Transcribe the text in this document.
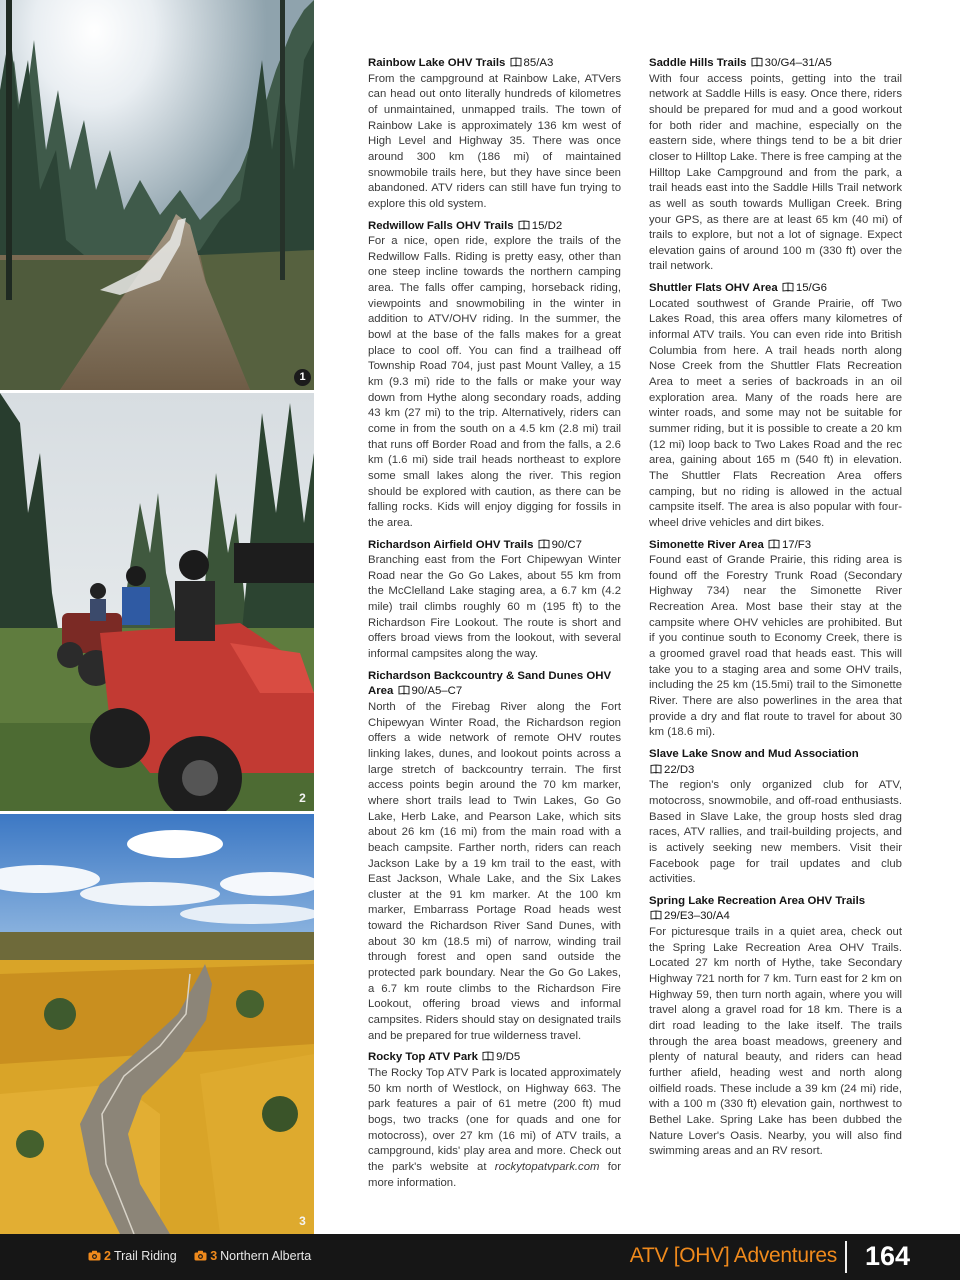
1
2
3
Rainbow Lake OHV Trails 85/A3

From the campground at Rainbow Lake, ATVers can head out onto literally hundreds of kilometres of unmaintained, unmapped trails. The town of Rainbow Lake is approximately 136 km west of High Level and Highway 35. There was once around 300 km (186 mi) of maintained snowmobile trails here, but they have since been abandoned. ATV riders can still have fun trying to explore this old system.

Redwillow Falls OHV Trails 15/D2

For a nice, open ride, explore the trails of the Redwillow Falls. Riding is pretty easy, other than one steep incline towards the northern camping area. The falls offer camping, horseback riding, viewpoints and snowmobiling in the winter in addition to ATV/OHV riding. In the summer, the bowl at the base of the falls makes for a great place to cool off. You can find a trailhead off Township Road 704, just past Mount Valley, a 15 km (9.3 mi) ride to the falls or make your way down from Hythe along secondary roads, adding 43 km (27 mi) to the trip. Alternatively, riders can come in from the south on a 4.5 km (2.8 mi) trail that runs off Border Road and from the falls, a 2.6 km (1.6 mi) side trail heads northeast to explore some small lakes along the river. This region should be explored with caution, as there can be falling rocks. Kids will enjoy digging for fossils in the area.

Richardson Airfield OHV Trails 90/C7

Branching east from the Fort Chipewyan Winter Road near the Go Go Lakes, about 55 km from the McClelland Lake staging area, a 6.7 km (4.2 mile) trail climbs roughly 60 m (195 ft) to the Richardson Fire Lookout. The route is short and offers broad views from the lookout, with several informal campsites along the way.

Richardson Backcountry & Sand Dunes OHV Area 90/A5–C7

North of the Firebag River along the Fort Chipewyan Winter Road, the Richardson region offers a wide network of remote OHV routes linking lakes, dunes, and lookout points across a large stretch of backcountry terrain. The first access points begin around the 70 km marker, where short trails lead to Twin Lakes, Go Go Lake, Herb Lake, and Pearson Lake, which sits about 26 km (16 mi) from the main road with a beach campsite. Farther north, riders can reach Jackson Lake by a 19 km trail to the east, with East Jackson, Whale Lake, and the Six Lakes cluster at the 91 km marker. At the 100 km marker, Embarrass Portage Road heads west toward the Richardson River Sand Dunes, with about 30 km (18.5 mi) of narrow, winding trail through forest and open sand outside the protected park boundary. Near the Go Go Lakes, a 6.7 km route climbs to the Richardson Fire Lookout, offering broad views and informal campsites. Riders should stay on designated trails and be prepared for true wilderness travel.

Rocky Top ATV Park 9/D5

The Rocky Top ATV Park is located approximately 50 km north of Westlock, on Highway 663. The park features a pair of 61 metre (200 ft) mud bogs, two tracks (one for quads and one for motocross), over 27 km (16 mi) of ATV trails, a campground, kids' play area and more. Check out the park's website at rockytopatvpark.com for more information.

Saddle Hills Trails 30/G4–31/A5

With four access points, getting into the trail network at Saddle Hills is easy. Once there, riders should be prepared for mud and a good workout for both rider and machine, especially on the eastern side, where things tend to be a bit drier closer to Hilltop Lake. There is free camping at the Hilltop Lake Campground and from the park, a trail heads east into the Saddle Hills Trail network as well as south towards Mulligan Creek. Bring your GPS, as there are at least 65 km (40 mi) of trails to explore, but not a lot of signage. Expect elevation gains of around 100 m (330 ft) over the trail network.

Shuttler Flats OHV Area 15/G6

Located southwest of Grande Prairie, off Two Lakes Road, this area offers many kilometres of informal ATV trails. You can even ride into British Columbia from here. A trail heads north along Nose Creek from the Shuttler Flats Recreation Area to meet a series of backroads in an oil exploration area. Many of the roads here are winter roads, and some may not be suitable for summer riding, but it is possible to create a 20 km (12 mi) loop back to Two Lakes Road and the rec area, gaining about 165 m (540 ft) in elevation. The Shuttler Flats Recreation Area offers camping, but no riding is allowed in the actual campsite itself. The area is also popular with four-wheel drive vehicles and dirt bikes.

Simonette River Area 17/F3

Found east of Grande Prairie, this riding area is found off the Forestry Trunk Road (Secondary Highway 734) near the Simonette River Recreation Area. Most base their stay at the campsite where OHV vehicles are prohibited. But if you continue south to Economy Creek, there is a groomed gravel road that heads east. This will take you to a staging area and some OHV trails, including the 25 km (15.5mi) trail to the Simonette River. There are also powerlines in the area that provide a dry and flat route to travel for about 30 km (18.6 mi).

Slave Lake Snow and Mud Association

22/D3

The region's only organized club for ATV, motocross, snowmobile, and off-road enthusiasts. Based in Slave Lake, the group hosts sled drag races, ATV rallies, and trail-building projects, and is actively seeking new members. Visit their Facebook page for trail updates and club activities.

Spring Lake Recreation Area OHV Trails

29/E3–30/A4

For picturesque trails in a quiet area, check out the Spring Lake Recreation Area OHV Trails. Located 27 km north of Hythe, take Secondary Highway 721 north for 7 km. Turn east for 2 km on Highway 59, then turn north again, where you will travel along a gravel road for 18 km. There is a dirt road leading to the lake itself. The trails through the area boast meadows, greenery and plenty of natural beauty, and riders can head further afield, heading west and north along oilfield roads. These include a 39 km (24 mi) ride, with a 100 m (330 ft) elevation gain, northwest to Bethel Lake. Spring Lake has been dubbed the Nature Lover's Oasis. Nearby, you will also find swimming areas and an RV resort.

2 Trail Riding	3 Northern Alberta	ATV [OHV] Adventures 164
